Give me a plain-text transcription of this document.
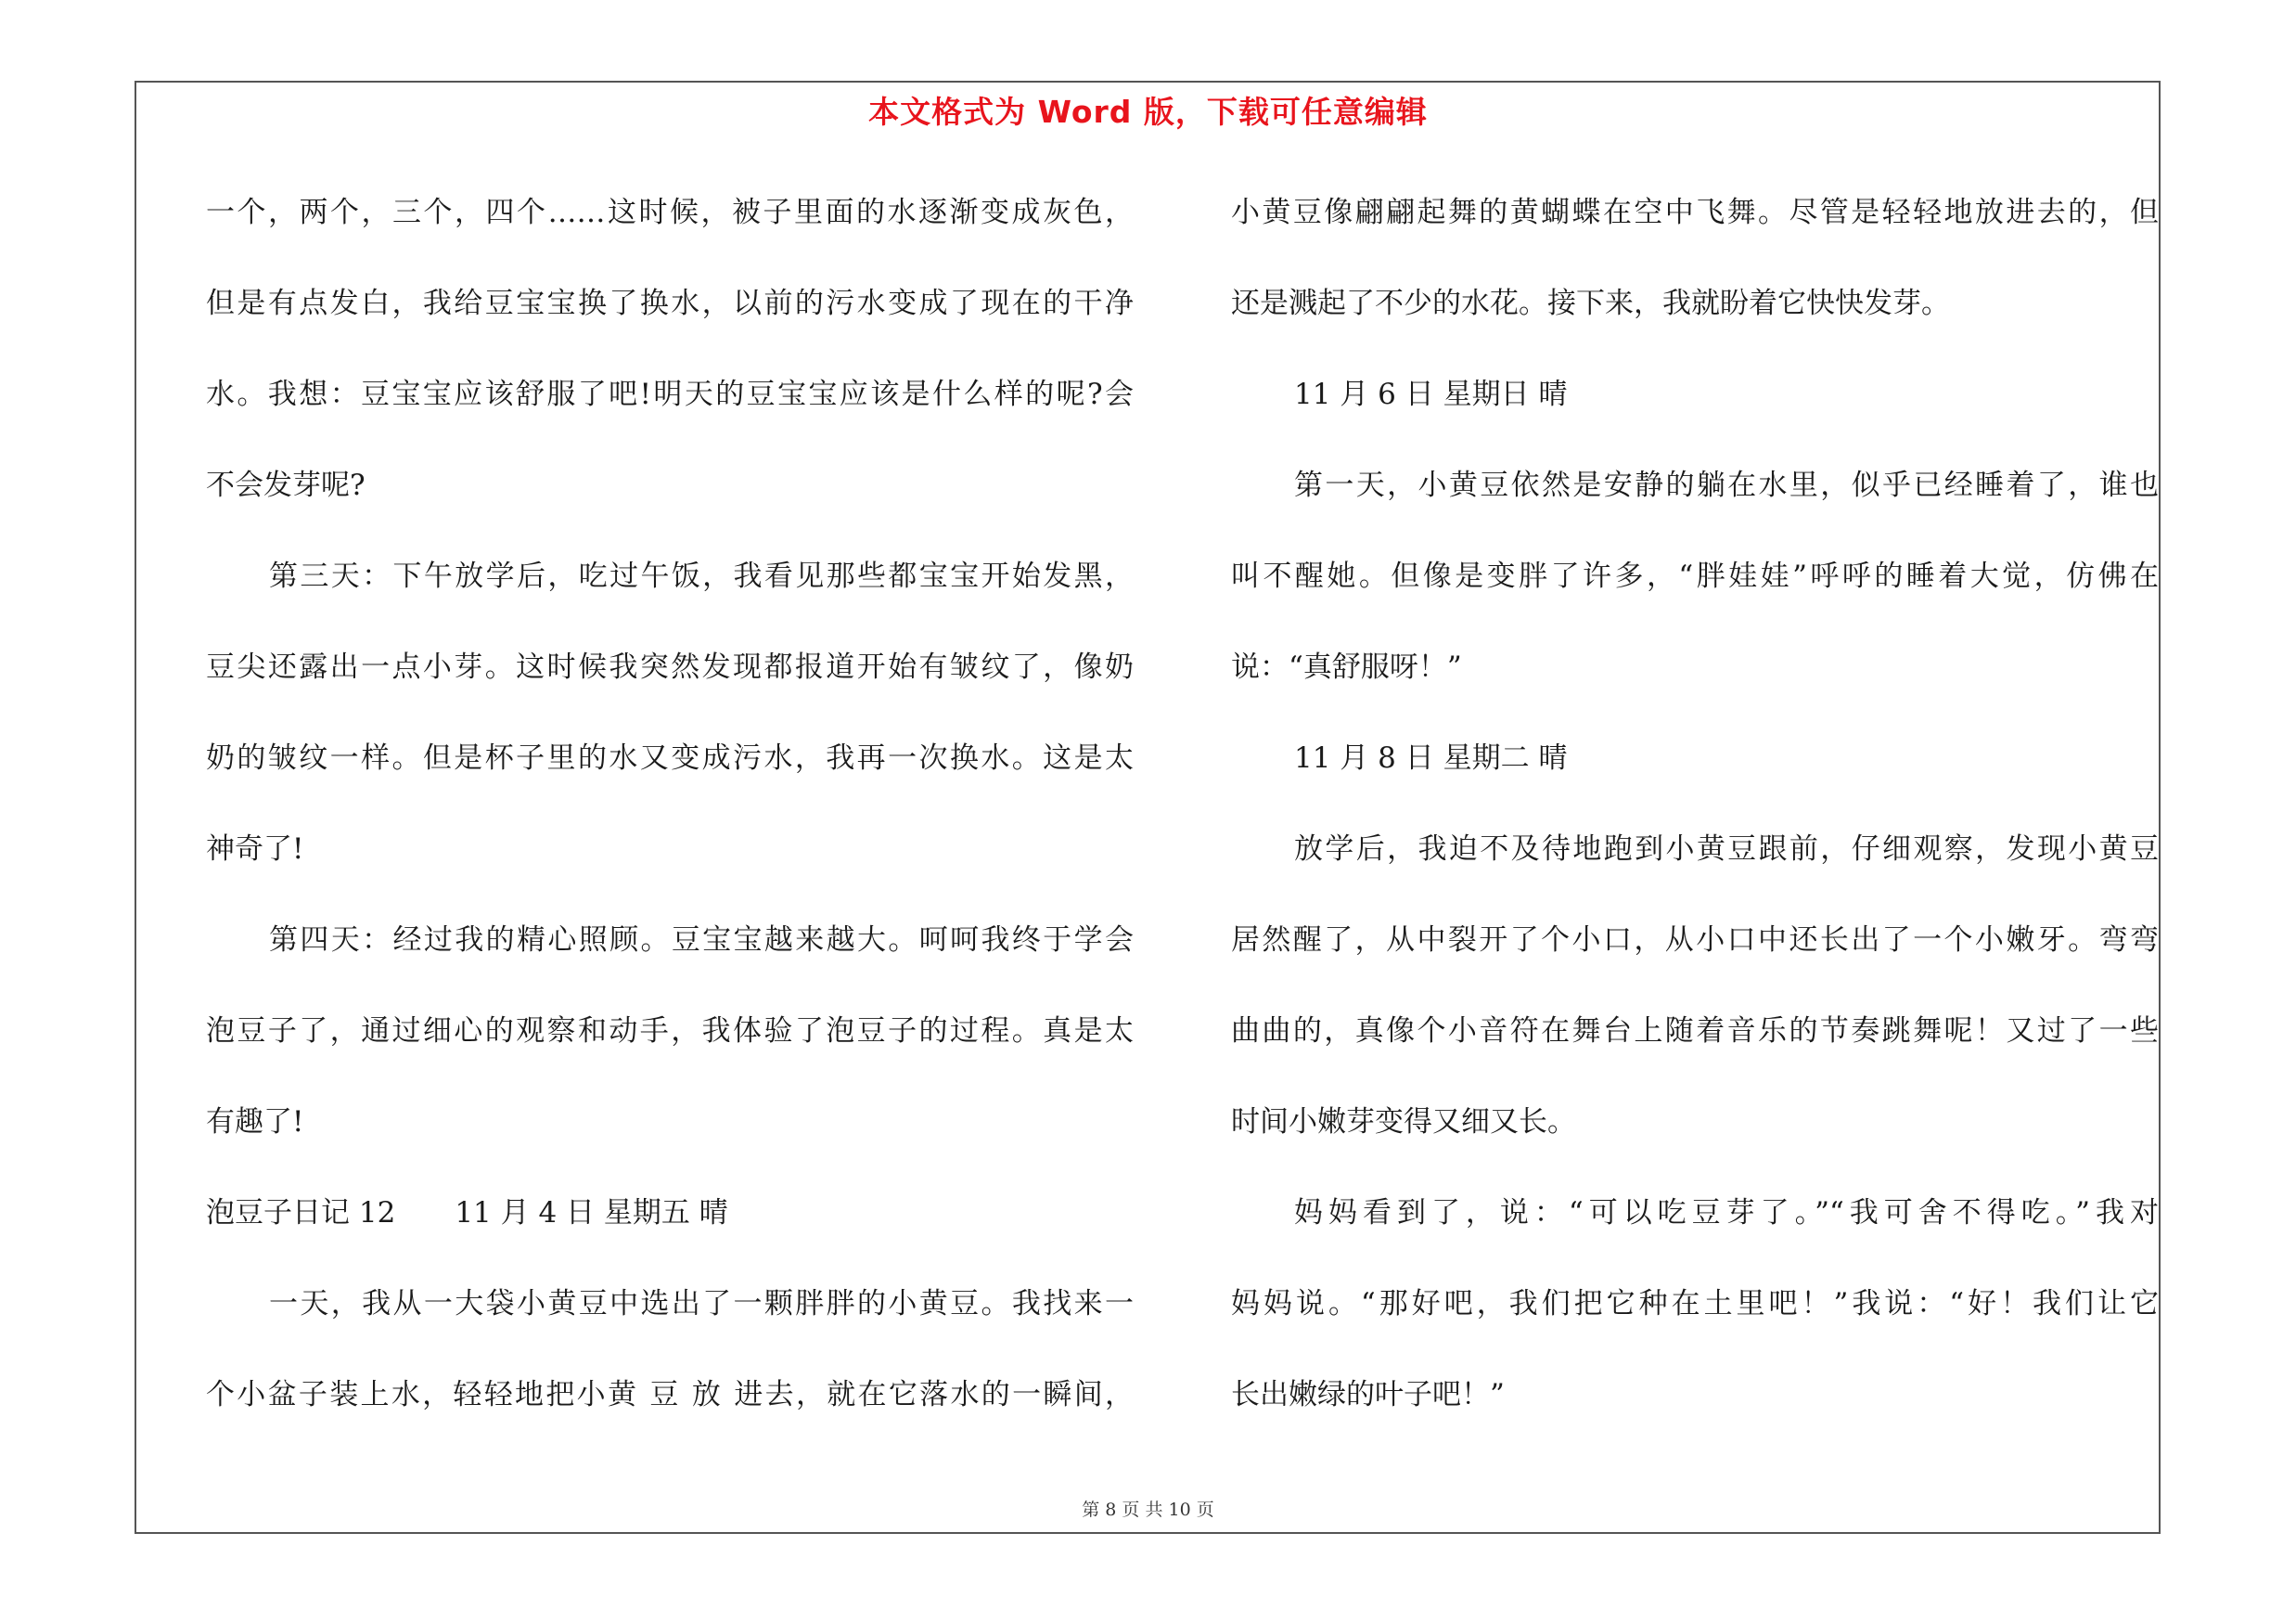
本文格式为 Word 版，下载可任意编辑
一个，两个，三个，四个……这时候，被子里面的水逐渐变成灰色，
但是有点发白，我给豆宝宝换了换水，以前的污水变成了现在的干净
水。我想：豆宝宝应该舒服了吧!明天的豆宝宝应该是什么样的呢?会
不会发芽呢?
第三天：下午放学后，吃过午饭，我看见那些都宝宝开始发黑，
豆尖还露出一点小芽。这时候我突然发现都报道开始有皱纹了，像奶
奶的皱纹一样。但是杯子里的水又变成污水，我再一次换水。这是太
神奇了!
第四天：经过我的精心照顾。豆宝宝越来越大。呵呵我终于学会
泡豆子了，通过细心的观察和动手，我体验了泡豆子的过程。真是太
有趣了!
泡豆子日记 12 11 月 4 日 星期五 晴
一天，我从一大袋小黄豆中选出了一颗胖胖的小黄豆。我找来一
个小盆子装上水，轻轻地把小黄 豆 放 进去，就在它落水的一瞬间，
小黄豆像翩翩起舞的黄蝴蝶在空中飞舞。尽管是轻轻地放进去的，但
还是溅起了不少的水花。接下来，我就盼着它快快发芽。
11 月 6 日 星期日 晴
第一天，小黄豆依然是安静的躺在水里，似乎已经睡着了，谁也
叫不醒她。但像是变胖了许多，“胖娃娃”呼呼的睡着大觉，仿佛在
说：“真舒服呀！”
11 月 8 日 星期二 晴
放学后，我迫不及待地跑到小黄豆跟前，仔细观察，发现小黄豆
居然醒了，从中裂开了个小口，从小口中还长出了一个小嫩牙。弯弯
曲曲的，真像个小音符在舞台上随着音乐的节奏跳舞呢！又过了一些
时间小嫩芽变得又细又长。
妈妈看到了，说：“可以吃豆芽了。”“我可舍不得吃。”我对
妈妈说。“那好吧，我们把它种在土里吧！”我说：“好！我们让它
长出嫩绿的叶子吧！”
第 8 页 共 10 页
